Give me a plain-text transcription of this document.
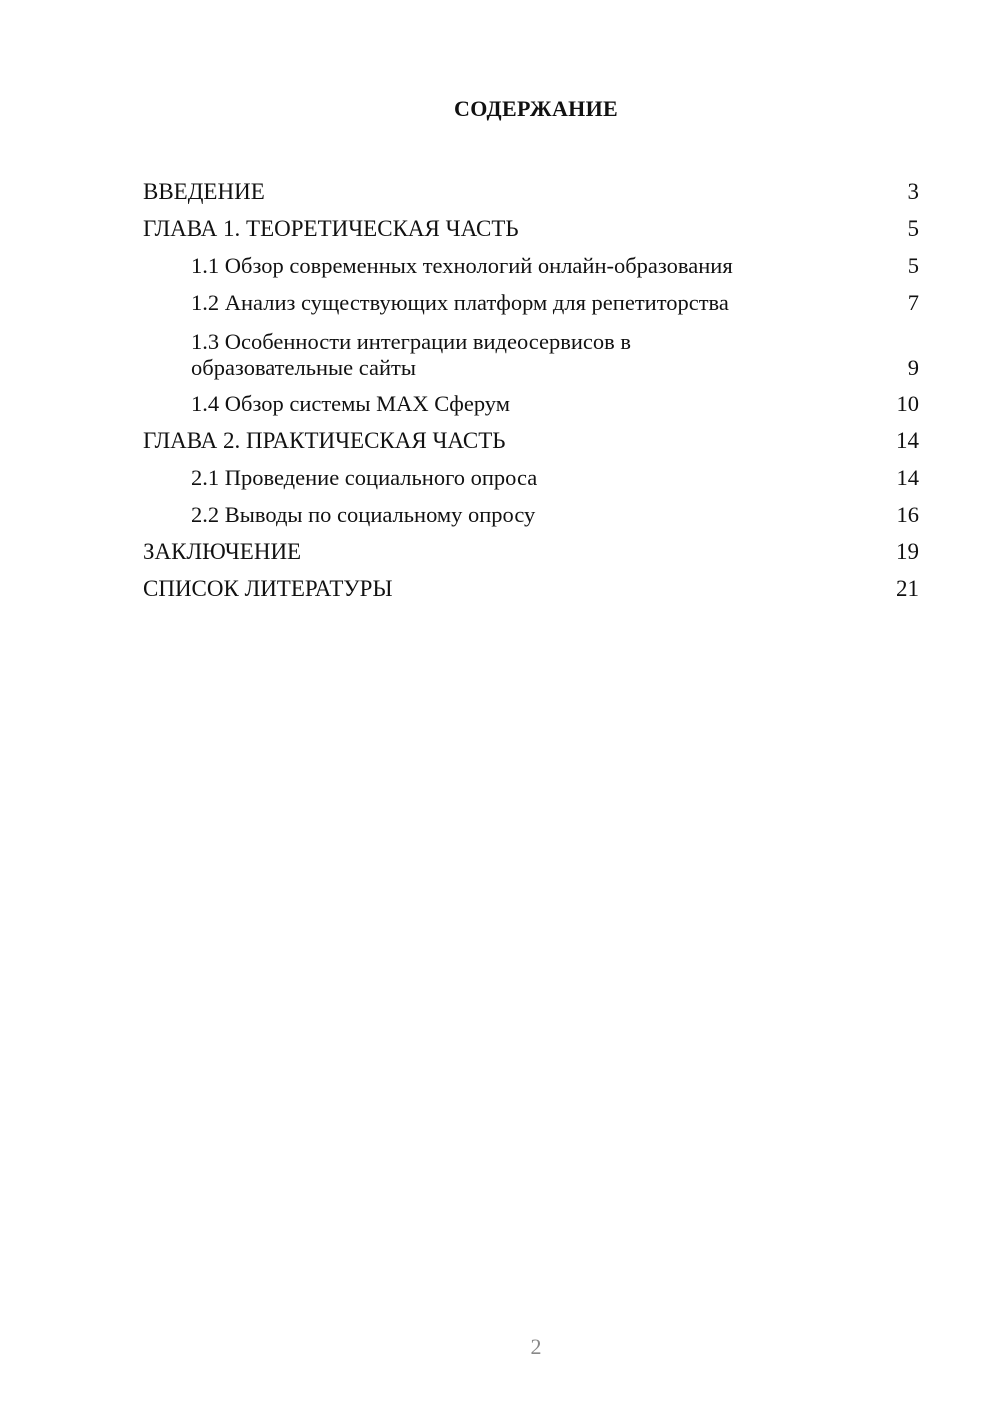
СОДЕРЖАНИЕ
ВВЕДЕНИЕ	3
ГЛАВА 1. ТЕОРЕТИЧЕСКАЯ ЧАСТЬ	5
1.1 Обзор современных технологий онлайн-образования	5
1.2 Анализ существующих платформ для репетиторства	7
1.3 Особенности интеграции видеосервисов в образовательные сайты	9
1.4 Обзор системы MAX Сферум	10
ГЛАВА 2. ПРАКТИЧЕСКАЯ ЧАСТЬ	14
2.1 Проведение социального опроса	14
2.2 Выводы по социальному опросу	16
ЗАКЛЮЧЕНИЕ	19
СПИСОК ЛИТЕРАТУРЫ	21
2
